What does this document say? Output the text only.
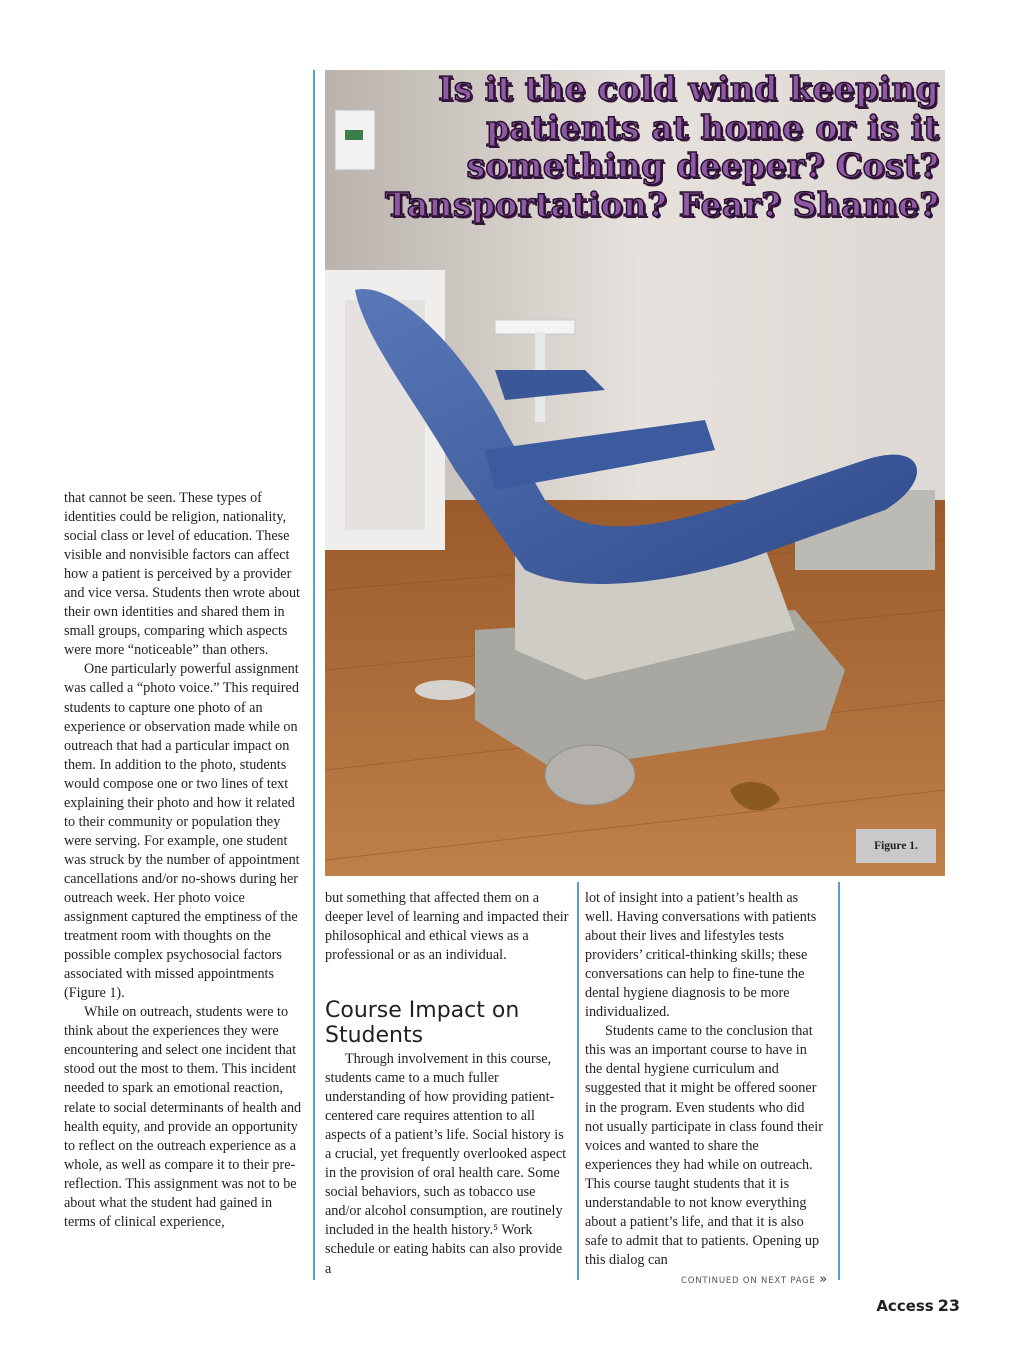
Is it the cold wind keeping patients at home or is it something deeper? Cost? Tansportation? Fear? Shame?
Figure 1.

that cannot be seen. These types of identities could be religion, nationality, social class or level of education. These visible and nonvisible factors can affect how a patient is perceived by a provider and vice versa. Students then wrote about their own identities and shared them in small groups, comparing which aspects were more “noticeable” than others.

One particularly powerful assignment was called a “photo voice.” This required students to capture one photo of an experience or observation made while on outreach that had a particular impact on them. In addition to the photo, students would compose one or two lines of text explaining their photo and how it related to their community or population they were serving. For example, one student was struck by the number of appointment cancellations and/or no-shows during her outreach week. Her photo voice assignment captured the emptiness of the treatment room with thoughts on the possible complex psychosocial factors associated with missed appointments (Figure 1).

While on outreach, students were to think about the experiences they were encountering and select one incident that stood out the most to them. This incident needed to spark an emotional reaction, relate to social determinants of health and health equity, and provide an opportunity to reflect on the outreach experience as a whole, as well as compare it to their pre-reflection. This assignment was not to be about what the student had gained in terms of clinical experience,

but something that affected them on a deeper level of learning and impacted their philosophical and ethical views as a professional or as an individual.

Course Impact on Students

Through involvement in this course, students came to a much fuller understanding of how providing patient-centered care requires attention to all aspects of a patient’s life. Social history is a crucial, yet frequently overlooked aspect in the provision of oral health care. Some social behaviors, such as tobacco use and/or alcohol consumption, are routinely included in the health history.⁵ Work schedule or eating habits can also provide a

lot of insight into a patient’s health as well. Having conversations with patients about their lives and lifestyles tests providers’ critical-thinking skills; these conversations can help to fine-tune the dental hygiene diagnosis to be more individualized.

Students came to the conclusion that this was an important course to have in the dental hygiene curriculum and suggested that it might be offered sooner in the program. Even students who did not usually participate in class found their voices and wanted to share the experiences they had while on outreach. This course taught students that it is understandable to not know everything about a patient’s life, and that it is also safe to admit that to patients. Opening up this dialog can

CONTINUED ON NEXT PAGE »
Access 23
